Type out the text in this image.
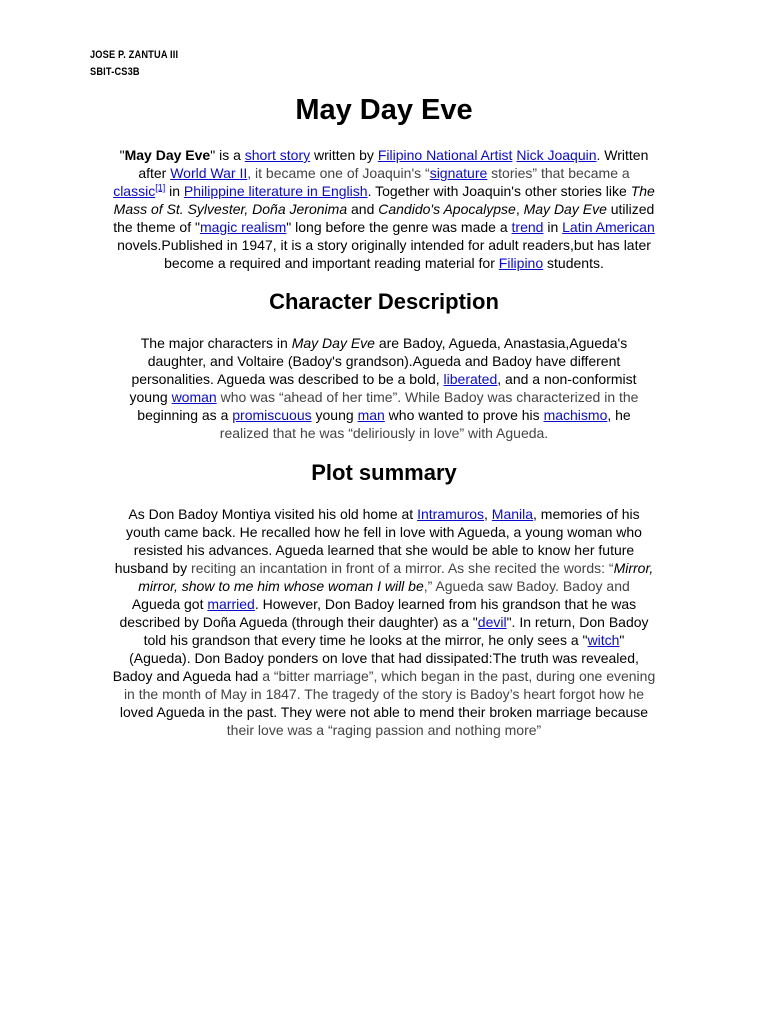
JOSE P. ZANTUA III
SBIT-CS3B
May Day Eve
"May Day Eve" is a short story written by Filipino National Artist Nick Joaquin. Written
after World War II, it became one of Joaquin's “signature stories” that became a
classic[1] in Philippine literature in English. Together with Joaquin's other stories like The
Mass of St. Sylvester, Doña Jeronima and Candido's Apocalypse, May Day Eve utilized
the theme of "magic realism" long before the genre was made a trend in Latin American
novels.Published in 1947, it is a story originally intended for adult readers,but has later
become a required and important reading material for Filipino students.
Character Description
The major characters in May Day Eve are Badoy, Agueda, Anastasia,Agueda's
daughter, and Voltaire (Badoy's grandson).Agueda and Badoy have different
personalities. Agueda was described to be a bold, liberated, and a non-conformist
young woman who was “ahead of her time”. While Badoy was characterized in the
beginning as a promiscuous young man who wanted to prove his machismo, he
realized that he was “deliriously in love” with Agueda.
Plot summary
As Don Badoy Montiya visited his old home at Intramuros, Manila, memories of his
youth came back. He recalled how he fell in love with Agueda, a young woman who
resisted his advances. Agueda learned that she would be able to know her future
husband by reciting an incantation in front of a mirror. As she recited the words: “Mirror,
mirror, show to me him whose woman I will be,” Agueda saw Badoy. Badoy and
Agueda got married. However, Don Badoy learned from his grandson that he was
described by Doña Agueda (through their daughter) as a "devil". In return, Don Badoy
told his grandson that every time he looks at the mirror, he only sees a "witch"
(Agueda). Don Badoy ponders on love that had dissipated:The truth was revealed,
Badoy and Agueda had a “bitter marriage”, which began in the past, during one evening
in the month of May in 1847. The tragedy of the story is Badoy’s heart forgot how he
loved Agueda in the past. They were not able to mend their broken marriage because
their love was a “raging passion and nothing more”
